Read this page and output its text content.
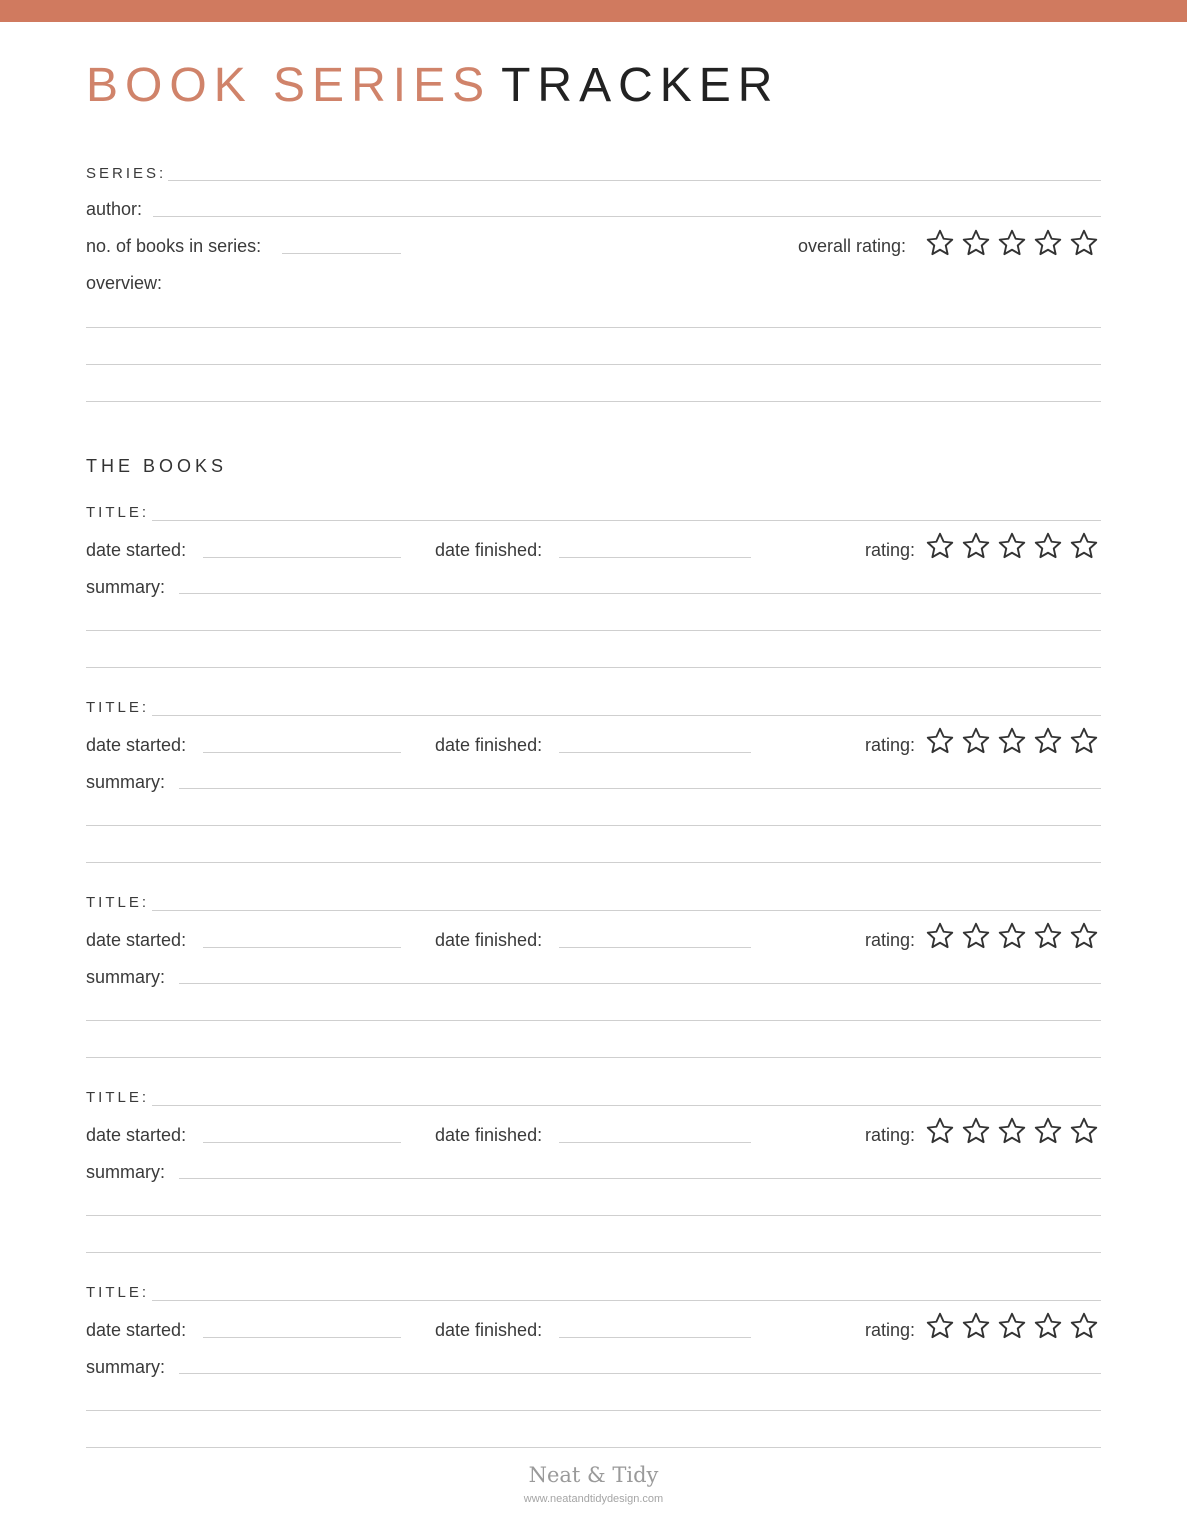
BOOK SERIES TRACKER
SERIES:
author:
no. of books in series:	overall rating:
overview:
THE BOOKS
TITLE:
date started:	date finished:	rating:
summary:
TITLE:
date started:	date finished:	rating:
summary:
TITLE:
date started:	date finished:	rating:
summary:
TITLE:
date started:	date finished:	rating:
summary:
TITLE:
date started:	date finished:	rating:
summary:
Neat & Tidy
www.neatandtidydesign.com
